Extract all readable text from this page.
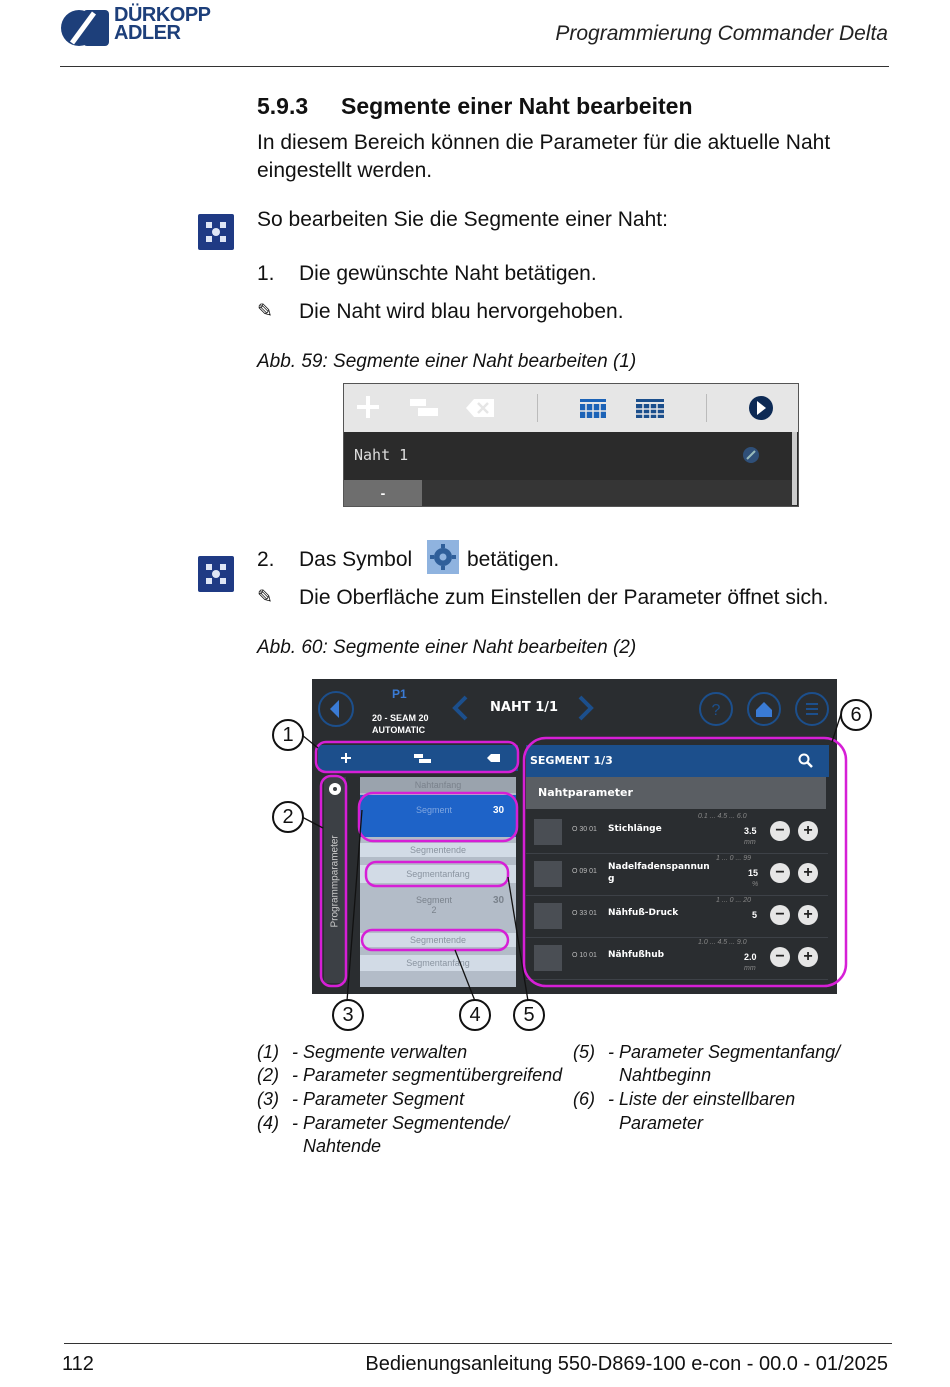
DÜRKOPP
ADLER	Programmierung Commander Delta
5.9.3 Segmente einer Naht bearbeiten
In diesem Bereich können die Parameter für die aktuelle Naht
eingestellt werden.
So bearbeiten Sie die Segmente einer Naht:
1. Die gewünschte Naht betätigen.
✎ Die Naht wird blau hervorgehoben.
Abb. 59: Segmente einer Naht bearbeiten (1)
Naht 1
-
2. Das Symbol	betätigen.
✎ Die Oberfläche zum Einstellen der Parameter öffnet sich.
Abb. 60: Segmente einer Naht bearbeiten (2)
P1
20 - SEAM 20
AUTOMATIC
NAHT 1/1	?
Programmparameter
Nahtanfang
Segment	30
Segmentende
Segmentanfang
Segment
2
30
Segmentende
Segmentanfang
SEGMENT 1/3
Nahtparameter
O 30 01 Stichlänge
0.1 ... 4.5 ... 6.0
3.5
mm
−	+
O 09 01 Nadelfadenspannun g
1 ... 0 ... 99
15
%
−	+
O 33 01 Nähfuß-Druck
1 ... 0 ... 20
5	−	+
O 10 01 Nähfußhub
1.0 ... 4.5 ... 9.0
2.0
mm
−	+
1
2
3	4	5
6
(1) - Segmente verwalten
(2) - Parameter segmentübergreifend
(3) - Parameter Segment
(4) - Parameter Segmentende/
Nahtende
(5) - Parameter Segmentanfang/
Nahtbeginn
(6) - Liste der einstellbaren
Parameter
112	Bedienungsanleitung 550-D869-100 e-con - 00.0 - 01/2025
